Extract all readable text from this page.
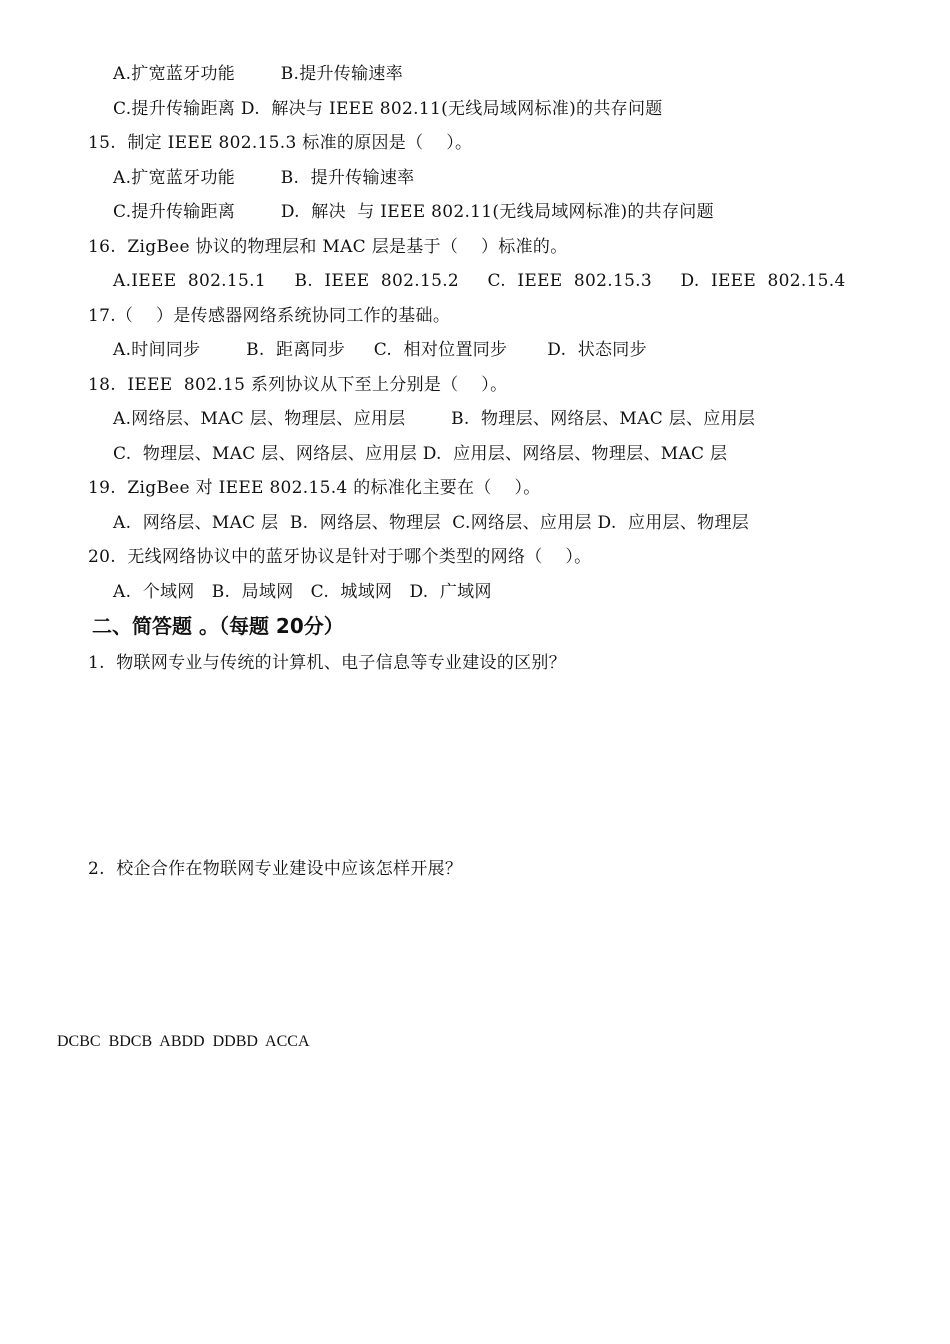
A.扩宽蓝牙功能        B.提升传输速率
C.提升传输距离 D.  解决与 IEEE 802.11(无线局域网标准)的共存问题
15.  制定 IEEE 802.15.3 标准的原因是（    ）。
A.扩宽蓝牙功能        B.  提升传输速率
C.提升传输距离        D.  解决  与 IEEE 802.11(无线局域网标准)的共存问题
16.  ZigBee 协议的物理层和 MAC 层是基于（    ）标准的。
A.IEEE  802.15.1     B.  IEEE  802.15.2     C.  IEEE  802.15.3     D.  IEEE  802.15.4
17.（    ）是传感器网络系统协同工作的基础。
A.时间同步        B.  距离同步     C.  相对位置同步       D.  状态同步
18.  IEEE  802.15 系列协议从下至上分别是（    ）。
A.网络层、MAC 层、物理层、应用层        B.  物理层、网络层、MAC 层、应用层
C.  物理层、MAC 层、网络层、应用层 D.  应用层、网络层、物理层、MAC 层
19.  ZigBee 对 IEEE 802.15.4 的标准化主要在（    ）。
A.  网络层、MAC 层  B.  网络层、物理层  C.网络层、应用层 D.  应用层、物理层
20.  无线网络协议中的蓝牙协议是针对于哪个类型的网络（    ）。
A.  个域网   B.  局域网   C.  城域网   D.  广域网
二、简答题 。（每题 20分）
1.  物联网专业与传统的计算机、电子信息等专业建设的区别？
2.  校企合作在物联网专业建设中应该怎样开展？
DCBC  BDCB  ABDD  DDBD  ACCA
